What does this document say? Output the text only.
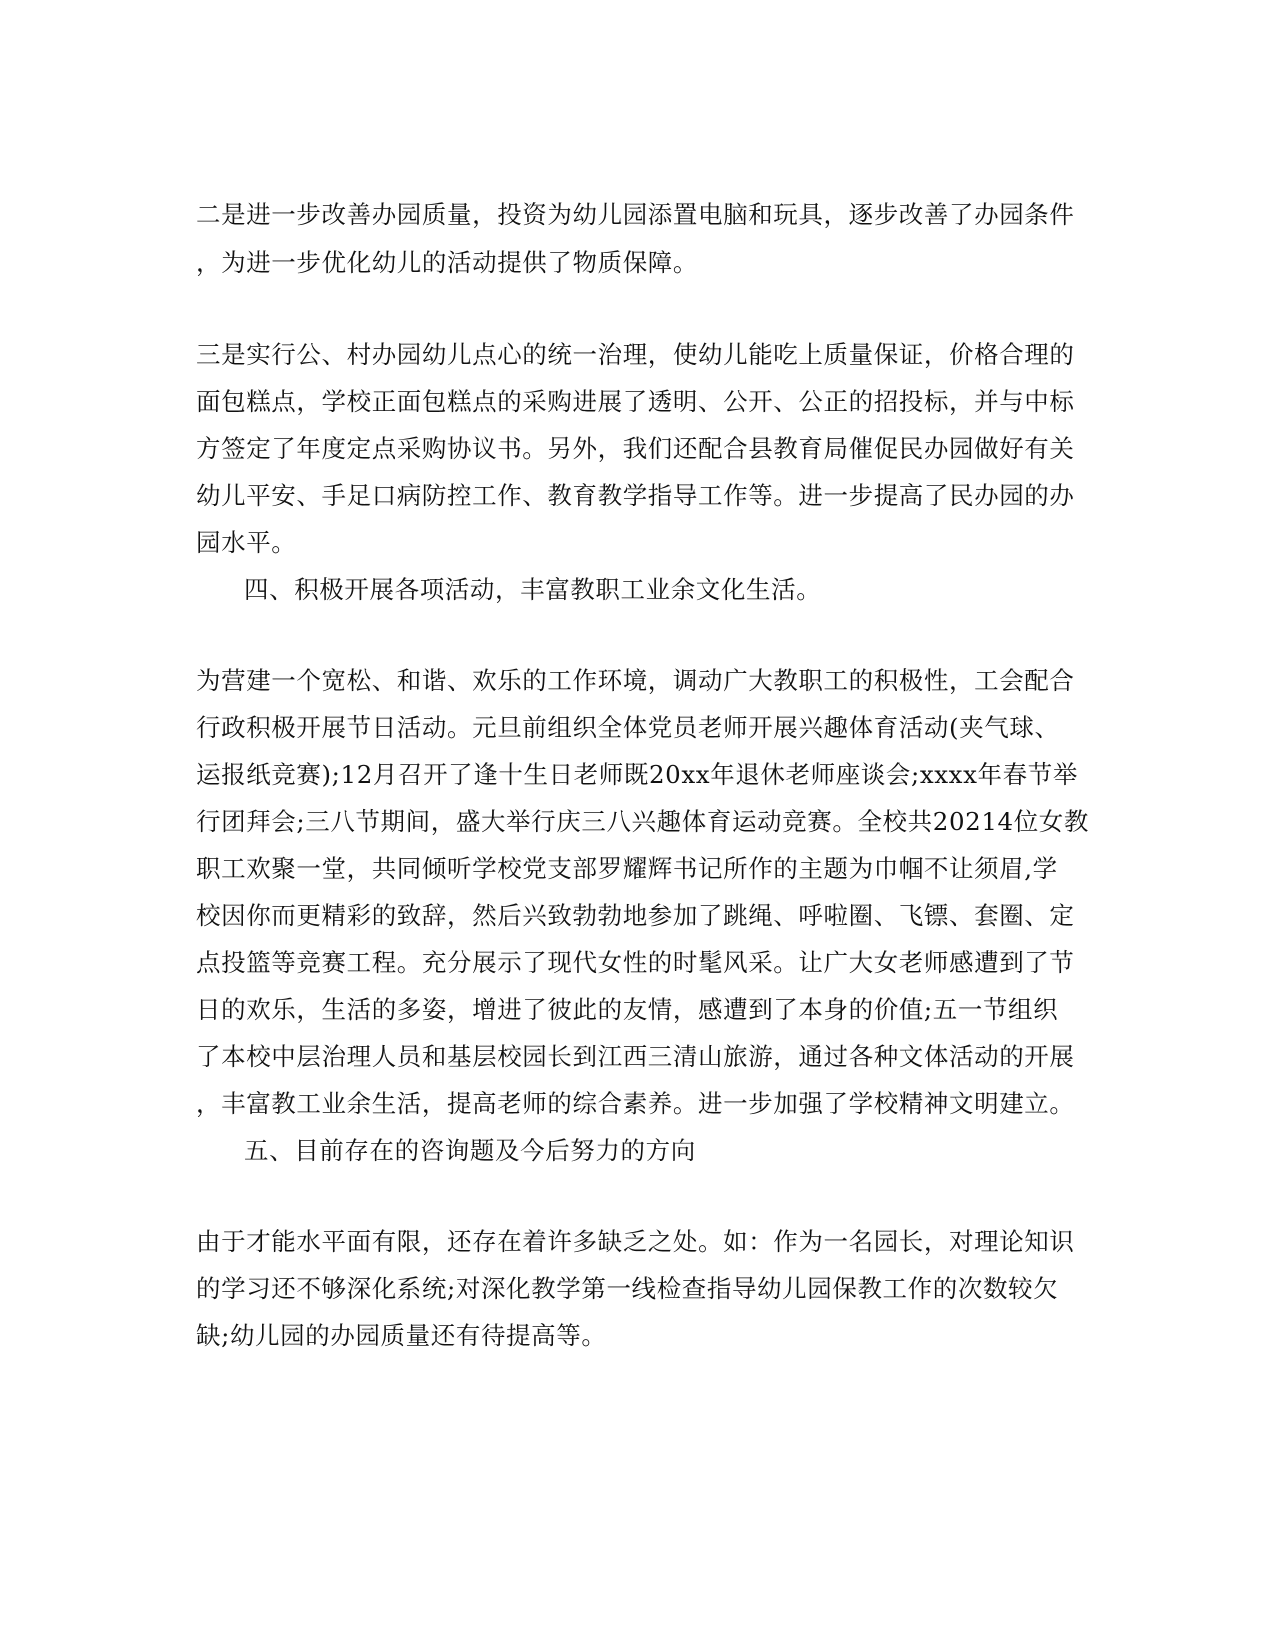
二是进一步改善办园质量，投资为幼儿园添置电脑和玩具，逐步改善了办园条件

，为进一步优化幼儿的活动提供了物质保障。

三是实行公、村办园幼儿点心的统一治理，使幼儿能吃上质量保证，价格合理的

面包糕点，学校正面包糕点的采购进展了透明、公开、公正的招投标，并与中标

方签定了年度定点采购协议书。另外，我们还配合县教育局催促民办园做好有关

幼儿平安、手足口病防控工作、教育教学指导工作等。进一步提高了民办园的办

园水平。

四、积极开展各项活动，丰富教职工业余文化生活。

为营建一个宽松、和谐、欢乐的工作环境，调动广大教职工的积极性，工会配合

行政积极开展节日活动。元旦前组织全体党员老师开展兴趣体育活动(夹气球、

运报纸竞赛);12月召开了逢十生日老师既20xx年退休老师座谈会;xxxx年春节举

行团拜会;三八节期间，盛大举行庆三八兴趣体育运动竞赛。全校共20214位女教

职工欢聚一堂，共同倾听学校党支部罗耀辉书记所作的主题为巾帼不让须眉,学

校因你而更精彩的致辞，然后兴致勃勃地参加了跳绳、呼啦圈、飞镖、套圈、定

点投篮等竞赛工程。充分展示了现代女性的时髦风采。让广大女老师感遭到了节

日的欢乐，生活的多姿，增进了彼此的友情，感遭到了本身的价值;五一节组织

了本校中层治理人员和基层校园长到江西三清山旅游，通过各种文体活动的开展

，丰富教工业余生活，提高老师的综合素养。进一步加强了学校精神文明建立。

五、目前存在的咨询题及今后努力的方向

由于才能水平面有限，还存在着许多缺乏之处。如：作为一名园长，对理论知识

的学习还不够深化系统;对深化教学第一线检查指导幼儿园保教工作的次数较欠

缺;幼儿园的办园质量还有待提高等。
